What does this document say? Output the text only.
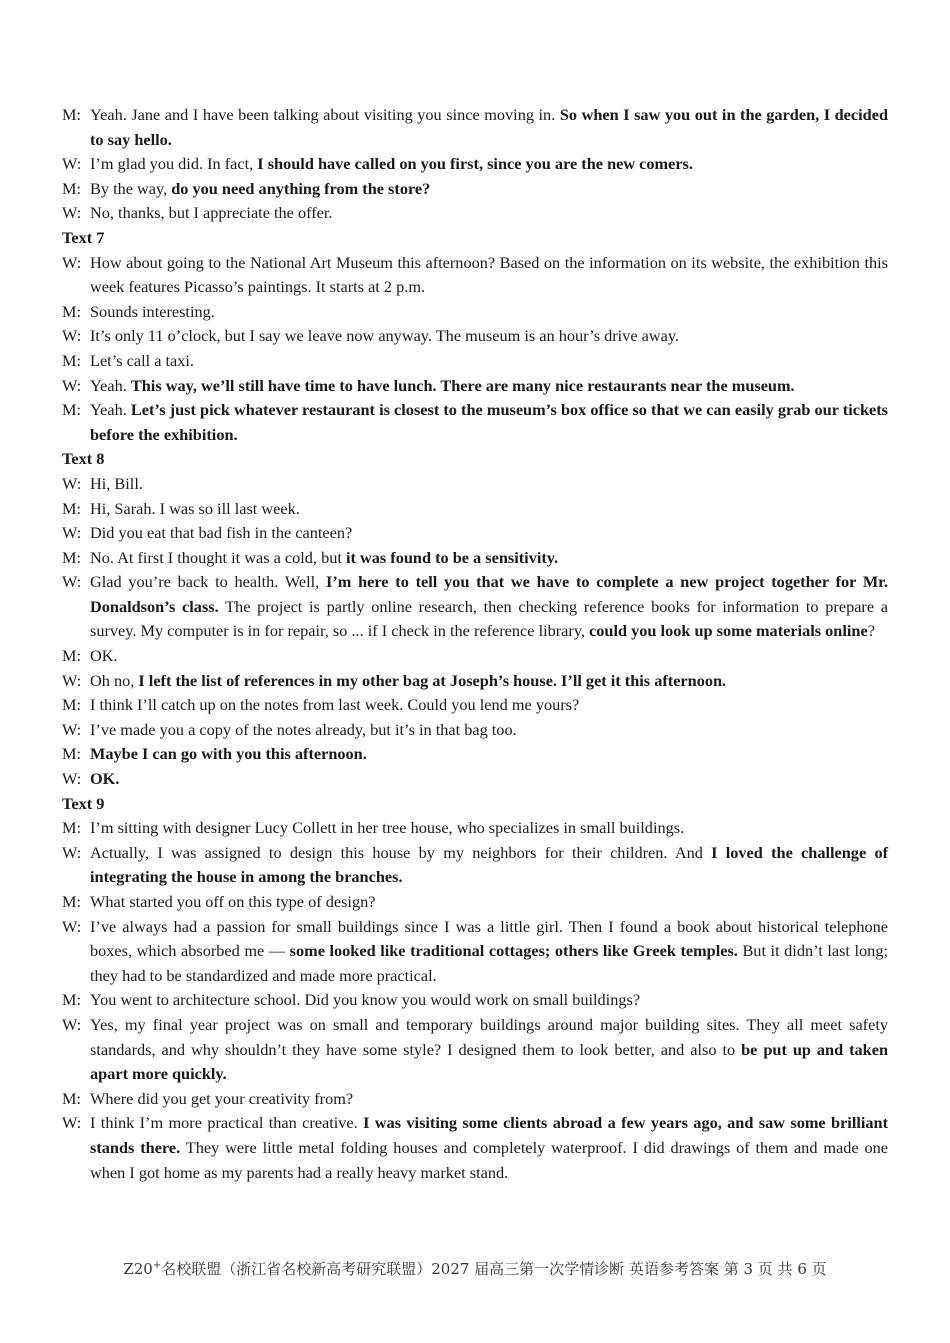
M: Yeah. Jane and I have been talking about visiting you since moving in. So when I saw you out in the garden, I decided to say hello.
W: I’m glad you did. In fact, I should have called on you first, since you are the new comers.
M: By the way, do you need anything from the store?
W: No, thanks, but I appreciate the offer.
Text 7
W: How about going to the National Art Museum this afternoon? Based on the information on its website, the exhibition this week features Picasso’s paintings. It starts at 2 p.m.
M: Sounds interesting.
W: It’s only 11 o’clock, but I say we leave now anyway. The museum is an hour’s drive away.
M: Let’s call a taxi.
W: Yeah. This way, we’ll still have time to have lunch. There are many nice restaurants near the museum.
M: Yeah. Let’s just pick whatever restaurant is closest to the museum’s box office so that we can easily grab our tickets before the exhibition.
Text 8
W: Hi, Bill.
M: Hi, Sarah. I was so ill last week.
W: Did you eat that bad fish in the canteen?
M: No. At first I thought it was a cold, but it was found to be a sensitivity.
W: Glad you’re back to health. Well, I’m here to tell you that we have to complete a new project together for Mr. Donaldson’s class. The project is partly online research, then checking reference books for information to prepare a survey. My computer is in for repair, so ... if I check in the reference library, could you look up some materials online?
M: OK.
W: Oh no, I left the list of references in my other bag at Joseph’s house. I’ll get it this afternoon.
M: I think I’ll catch up on the notes from last week. Could you lend me yours?
W: I’ve made you a copy of the notes already, but it’s in that bag too.
M: Maybe I can go with you this afternoon.
W: OK.
Text 9
M: I’m sitting with designer Lucy Collett in her tree house, who specializes in small buildings.
W: Actually, I was assigned to design this house by my neighbors for their children. And I loved the challenge of integrating the house in among the branches.
M: What started you off on this type of design?
W: I’ve always had a passion for small buildings since I was a little girl. Then I found a book about historical telephone boxes, which absorbed me — some looked like traditional cottages; others like Greek temples. But it didn’t last long; they had to be standardized and made more practical.
M: You went to architecture school. Did you know you would work on small buildings?
W: Yes, my final year project was on small and temporary buildings around major building sites. They all meet safety standards, and why shouldn’t they have some style? I designed them to look better, and also to be put up and taken apart more quickly.
M: Where did you get your creativity from?
W: I think I’m more practical than creative. I was visiting some clients abroad a few years ago, and saw some brilliant stands there. They were little metal folding houses and completely waterproof. I did drawings of them and made one when I got home as my parents had a really heavy market stand.
Z20+名校联盟（浙江省名校新高考研究联盟）2027 届高三第一次学情诊断 英语参考答案 第 3 页 共 6 页
